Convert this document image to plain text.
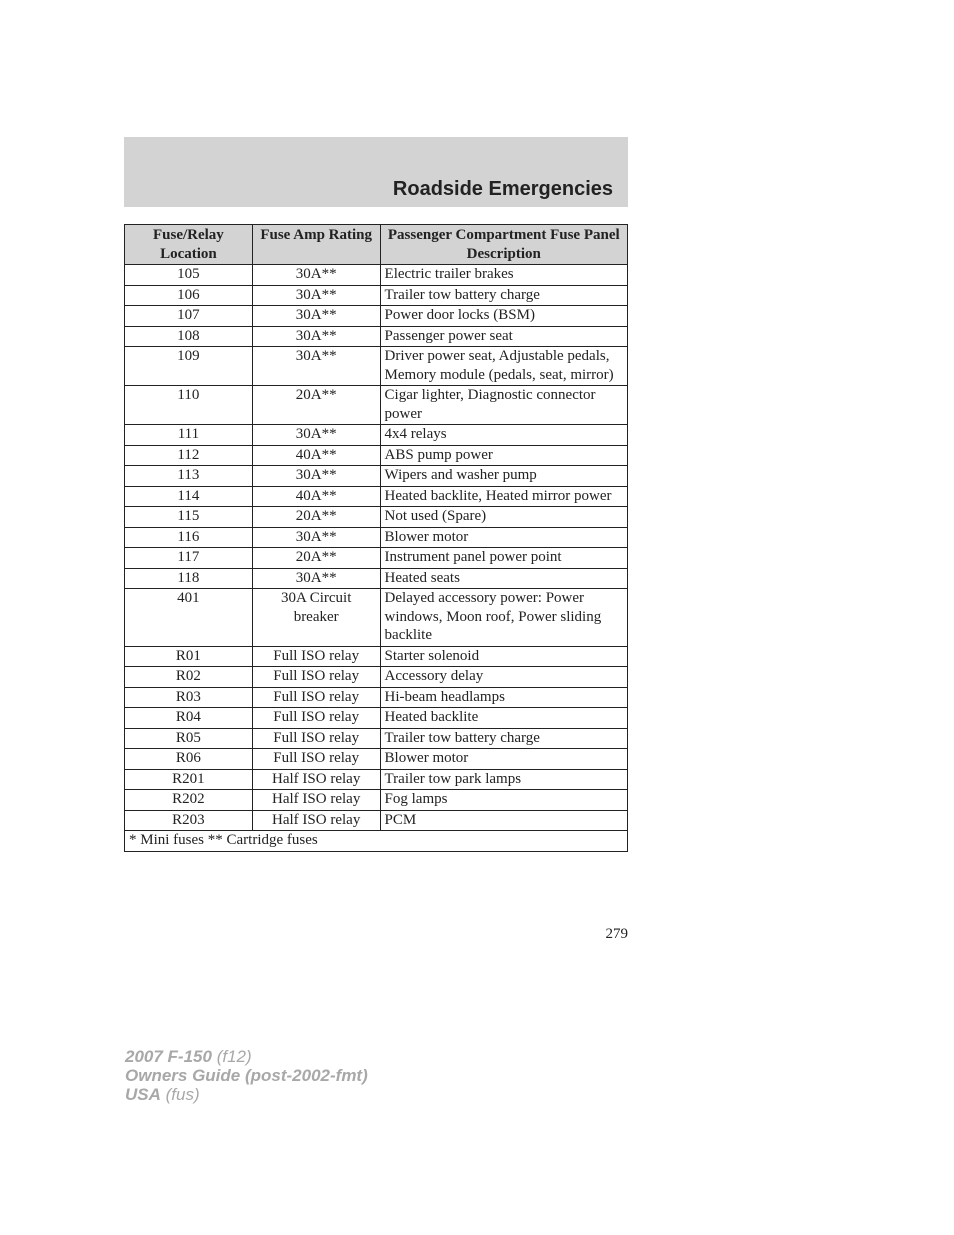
Roadside Emergencies
Fuse/Relay Location	Fuse Amp Rating	Passenger Compartment Fuse Panel Description
105	30A**	Electric trailer brakes
106	30A**	Trailer tow battery charge
107	30A**	Power door locks (BSM)
108	30A**	Passenger power seat
109	30A**	Driver power seat, Adjustable pedals, Memory module (pedals, seat, mirror)
110	20A**	Cigar lighter, Diagnostic connector power
111	30A**	4x4 relays
112	40A**	ABS pump power
113	30A**	Wipers and washer pump
114	40A**	Heated backlite, Heated mirror power
115	20A**	Not used (Spare)
116	30A**	Blower motor
117	20A**	Instrument panel power point
118	30A**	Heated seats
401	30A Circuit breaker	Delayed accessory power: Power windows, Moon roof, Power sliding backlite
R01	Full ISO relay	Starter solenoid
R02	Full ISO relay	Accessory delay
R03	Full ISO relay	Hi-beam headlamps
R04	Full ISO relay	Heated backlite
R05	Full ISO relay	Trailer tow battery charge
R06	Full ISO relay	Blower motor
R201	Half ISO relay	Trailer tow park lamps
R202	Half ISO relay	Fog lamps
R203	Half ISO relay	PCM
* Mini fuses ** Cartridge fuses		
279
2007 F-150 (f12)
Owners Guide (post-2002-fmt)
USA (fus)
